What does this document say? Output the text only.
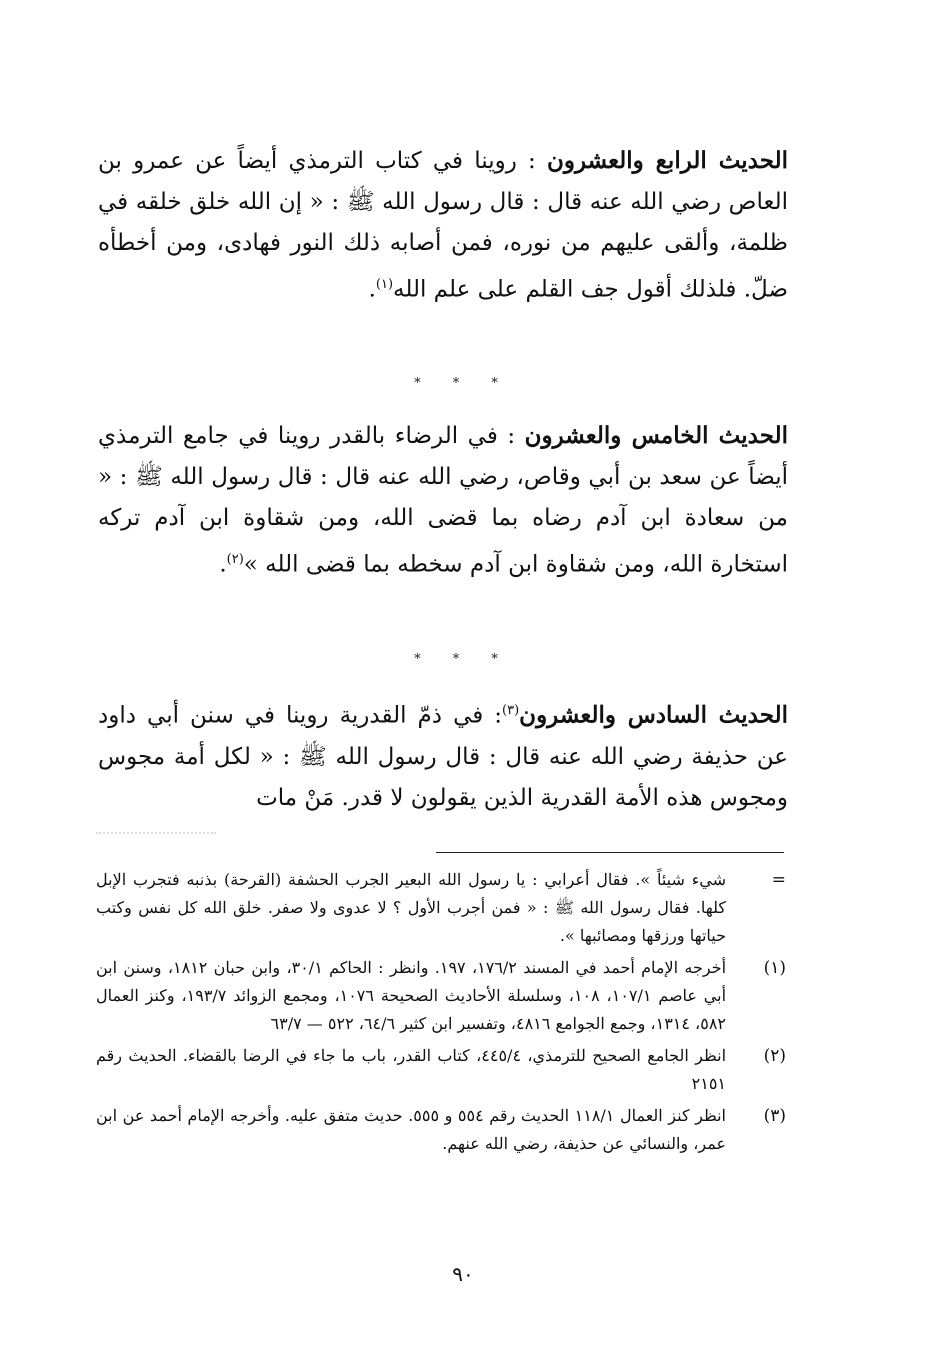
الحديث الرابع والعشرون : روينا في كتاب الترمذي أيضاً عن عمرو بن العاص رضي الله عنه قال : قال رسول الله ﷺ : « إن الله خلق خلقه في ظلمة، وألقى عليهم من نوره، فمن أصابه ذلك النور فهادى، ومن أخطأه ضلّ. فلذلك أقول جف القلم على علم الله$^{(١)}$.

* * *

الحديث الخامس والعشرون : في الرضاء بالقدر روينا في جامع الترمذي أيضاً عن سعد بن أبي وقاص، رضي الله عنه قال : قال رسول الله ﷺ : « من سعادة ابن آدم رضاه بما قضى الله، ومن شقاوة ابن آدم تركه استخارة الله، ومن شقاوة ابن آدم سخطه بما قضى الله »$^{(٢)}$.

* * *

الحديث السادس والعشرون$^{(٣)}$: في ذمّ القدرية روينا في سنن أبي داود عن حذيفة رضي الله عنه قال : قال رسول الله ﷺ : « لكل أمة مجوس ومجوس هذه الأمة القدرية الذين يقولون لا قدر. مَنْ مات

=
شيء شيئاً ». فقال أعرابي : يا رسول الله البعير الجرب الحشفة (القرحة) بذنبه فتجرب الإبل كلها. فقال رسول الله ﷺ : « فمن أجرب الأول ؟ لا عدوى ولا صفر. خلق الله كل نفس وكتب حياتها ورزقها ومصائبها ».
(١)
أخرجه الإمام أحمد في المسند ١٧٦/٢، ١٩٧. وانظر : الحاكم ٣٠/١، وابن حبان ١٨١٢، وسنن ابن أبي عاصم ١٠٧/١، ١٠٨، وسلسلة الأحاديث الصحيحة ١٠٧٦، ومجمع الزوائد ١٩٣/٧، وكنز العمال ٥٨٢، ١٣١٤، وجمع الجوامع ٤٨١٦، وتفسير ابن كثير ٦٤/٦، ٥٢٢ — ٦٣/٧
(٢)
انظر الجامع الصحيح للترمذي، ٤٤٥/٤، كتاب القدر، باب ما جاء في الرضا بالقضاء. الحديث رقم ٢١٥١
(٣)
انظر كنز العمال ١١٨/١ الحديث رقم ٥٥٤ و ٥٥٥. حديث متفق عليه. وأخرجه الإمام أحمد عن ابن عمر، والنسائي عن حذيفة، رضي الله عنهم.
٩٠
